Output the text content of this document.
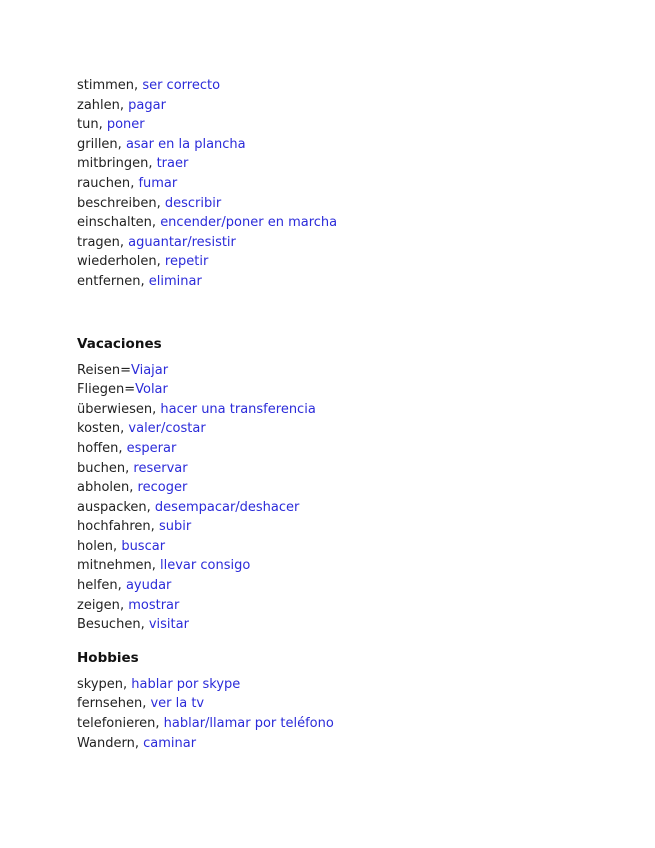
stimmen, ser correcto
zahlen, pagar
tun, poner
grillen, asar en la plancha
mitbringen, traer
rauchen, fumar
beschreiben, describir
einschalten, encender/poner en marcha
tragen, aguantar/resistir
wiederholen, repetir
entfernen, eliminar
Vacaciones
Reisen=Viajar
Fliegen=Volar
überwiesen, hacer una transferencia
kosten, valer/costar
hoffen, esperar
buchen, reservar
abholen, recoger
auspacken, desempacar/deshacer
hochfahren, subir
holen, buscar
mitnehmen, llevar consigo
helfen, ayudar
zeigen, mostrar
Besuchen, visitar
Hobbies
skypen, hablar por skype
fernsehen, ver la tv
telefonieren, hablar/llamar por teléfono
Wandern, caminar
